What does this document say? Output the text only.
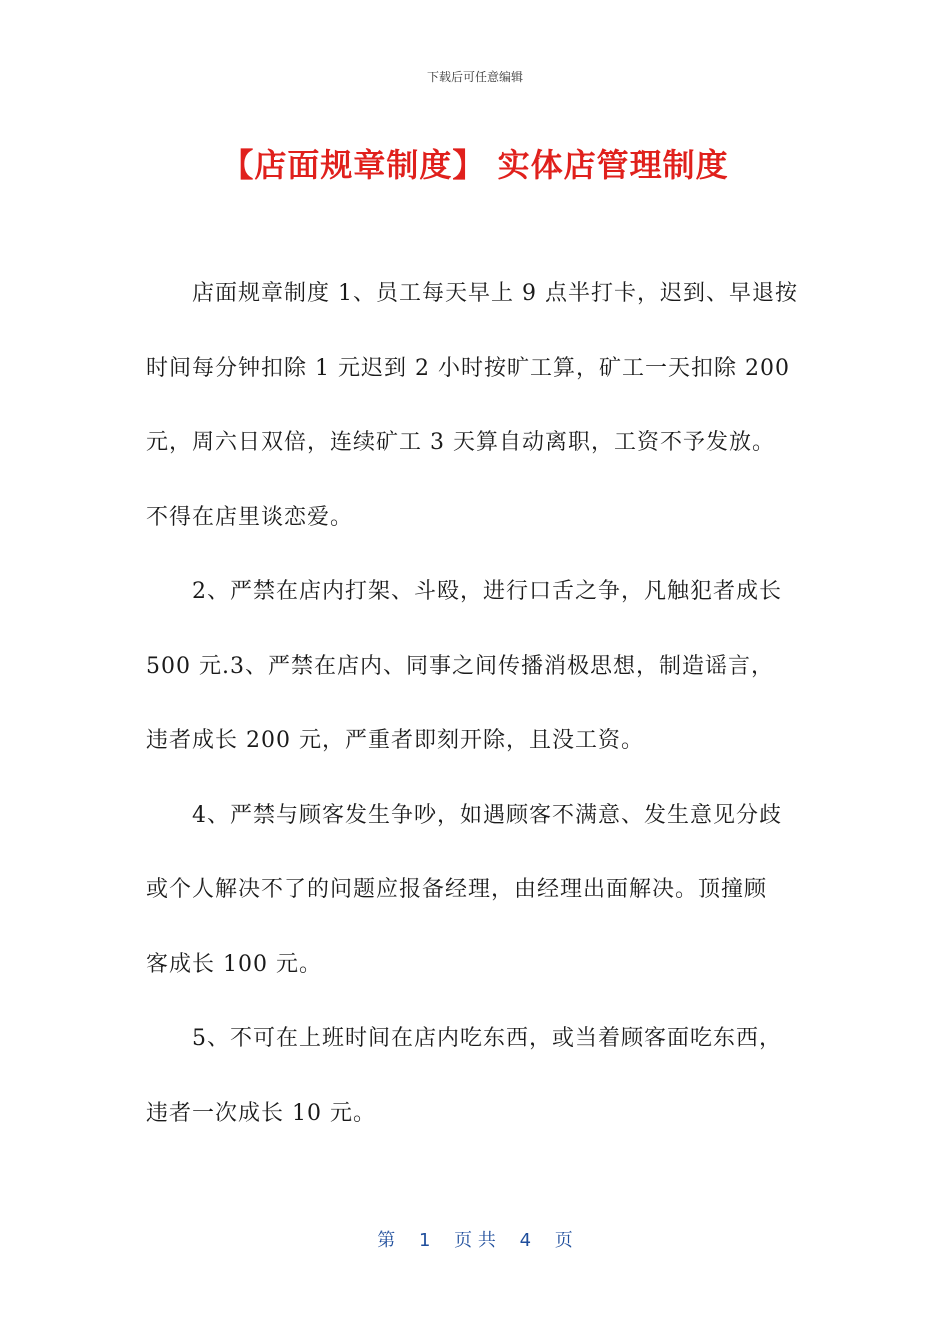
下载后可任意编辑
【店面规章制度】 实体店管理制度
店面规章制度 1、员工每天早上 9 点半打卡，迟到、早退按
时间每分钟扣除 1 元迟到 2 小时按旷工算，矿工一天扣除 200
元，周六日双倍，连续矿工 3 天算自动离职，工资不予发放。
不得在店里谈恋爱。
2、严禁在店内打架、斗殴，进行口舌之争，凡触犯者成长
500 元.3、严禁在店内、同事之间传播消极思想，制造谣言，
违者成长 200 元，严重者即刻开除，且没工资。
4、严禁与顾客发生争吵，如遇顾客不满意、发生意见分歧
或个人解决不了的问题应报备经理，由经理出面解决。顶撞顾
客成长 100 元。
5、不可在上班时间在店内吃东西，或当着顾客面吃东西，
违者一次成长 10 元。
第 1 页 共 4 页
